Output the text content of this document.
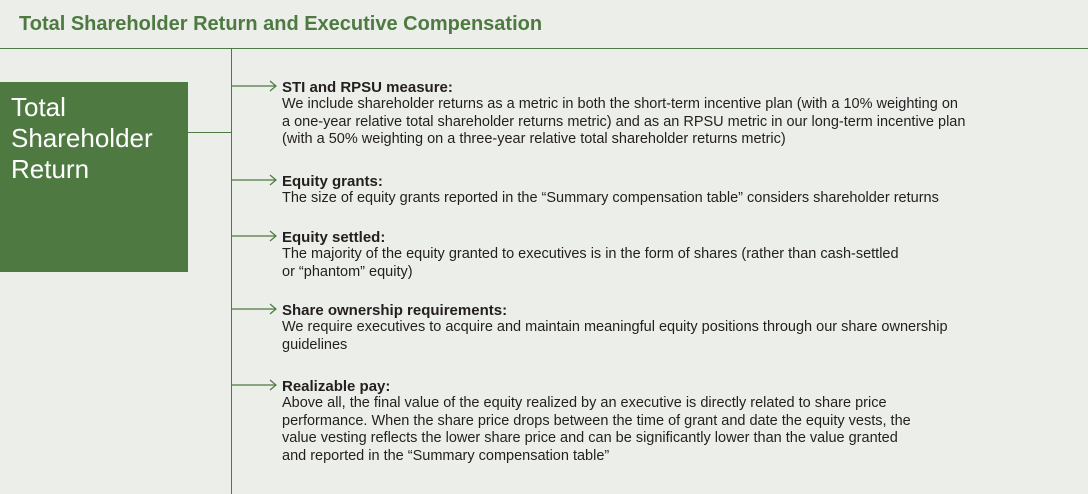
Total Shareholder Return and Executive Compensation
Total
Shareholder
Return
STI and RPSU measure:
We include shareholder returns as a metric in both the short-term incentive plan (with a 10% weighting on
a one-year relative total shareholder returns metric) and as an RPSU metric in our long-term incentive plan
(with a 50% weighting on a three-year relative total shareholder returns metric)
Equity grants:
The size of equity grants reported in the “Summary compensation table” considers shareholder returns
Equity settled:
The majority of the equity granted to executives is in the form of shares (rather than cash-settled
or “phantom” equity)
Share ownership requirements:
We require executives to acquire and maintain meaningful equity positions through our share ownership
guidelines
Realizable pay:
Above all, the final value of the equity realized by an executive is directly related to share price
performance. When the share price drops between the time of grant and date the equity vests, the
value vesting reflects the lower share price and can be significantly lower than the value granted
and reported in the “Summary compensation table”
